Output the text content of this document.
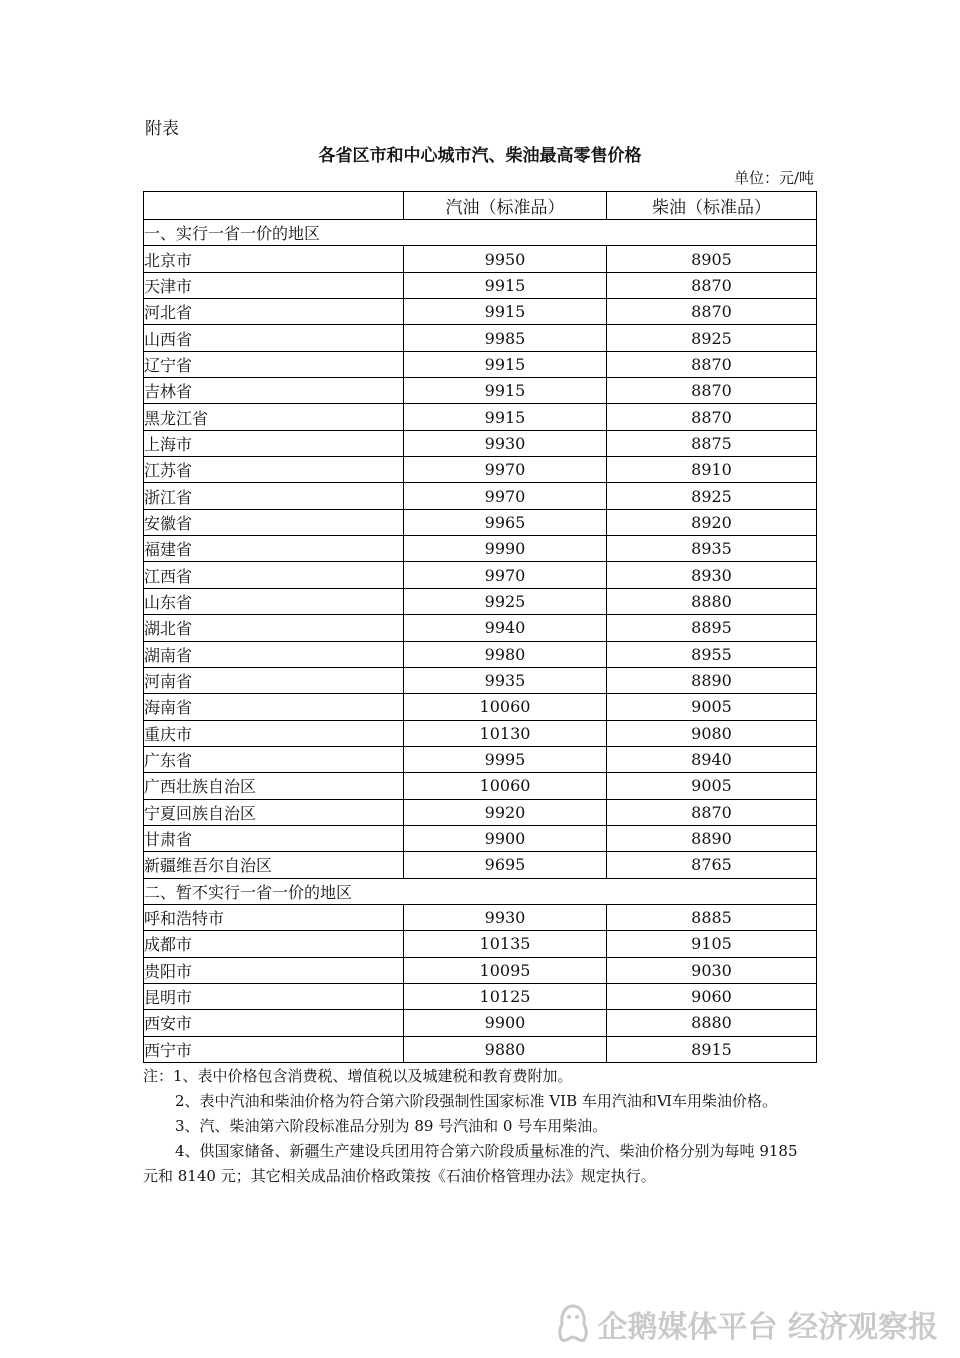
附表
各省区市和中心城市汽、柴油最高零售价格
单位：元/吨
	汽油（标准品）	柴油（标准品）
一、实行一省一价的地区		
北京市	9950	8905
天津市	9915	8870
河北省	9915	8870
山西省	9985	8925
辽宁省	9915	8870
吉林省	9915	8870
黑龙江省	9915	8870
上海市	9930	8875
江苏省	9970	8910
浙江省	9970	8925
安徽省	9965	8920
福建省	9990	8935
江西省	9970	8930
山东省	9925	8880
湖北省	9940	8895
湖南省	9980	8955
河南省	9935	8890
海南省	10060	9005
重庆市	10130	9080
广东省	9995	8940
广西壮族自治区	10060	9005
宁夏回族自治区	9920	8870
甘肃省	9900	8890
新疆维吾尔自治区	9695	8765
二、暂不实行一省一价的地区		
呼和浩特市	9930	8885
成都市	10135	9105
贵阳市	10095	9030
昆明市	10125	9060
西安市	9900	8880
西宁市	9880	8915

注：1、表中价格包含消费税、增值税以及城建税和教育费附加。

2、表中汽油和柴油价格为符合第六阶段强制性国家标准 VIB 车用汽油和Ⅵ车用柴油价格。

3、汽、柴油第六阶段标准品分别为 89 号汽油和 0 号车用柴油。

4、供国家储备、新疆生产建设兵团用符合第六阶段质量标准的汽、柴油价格分别为每吨 9185 元和 8140 元；其它相关成品油价格政策按《石油价格管理办法》规定执行。

企鹅媒体平台 经济观察报
